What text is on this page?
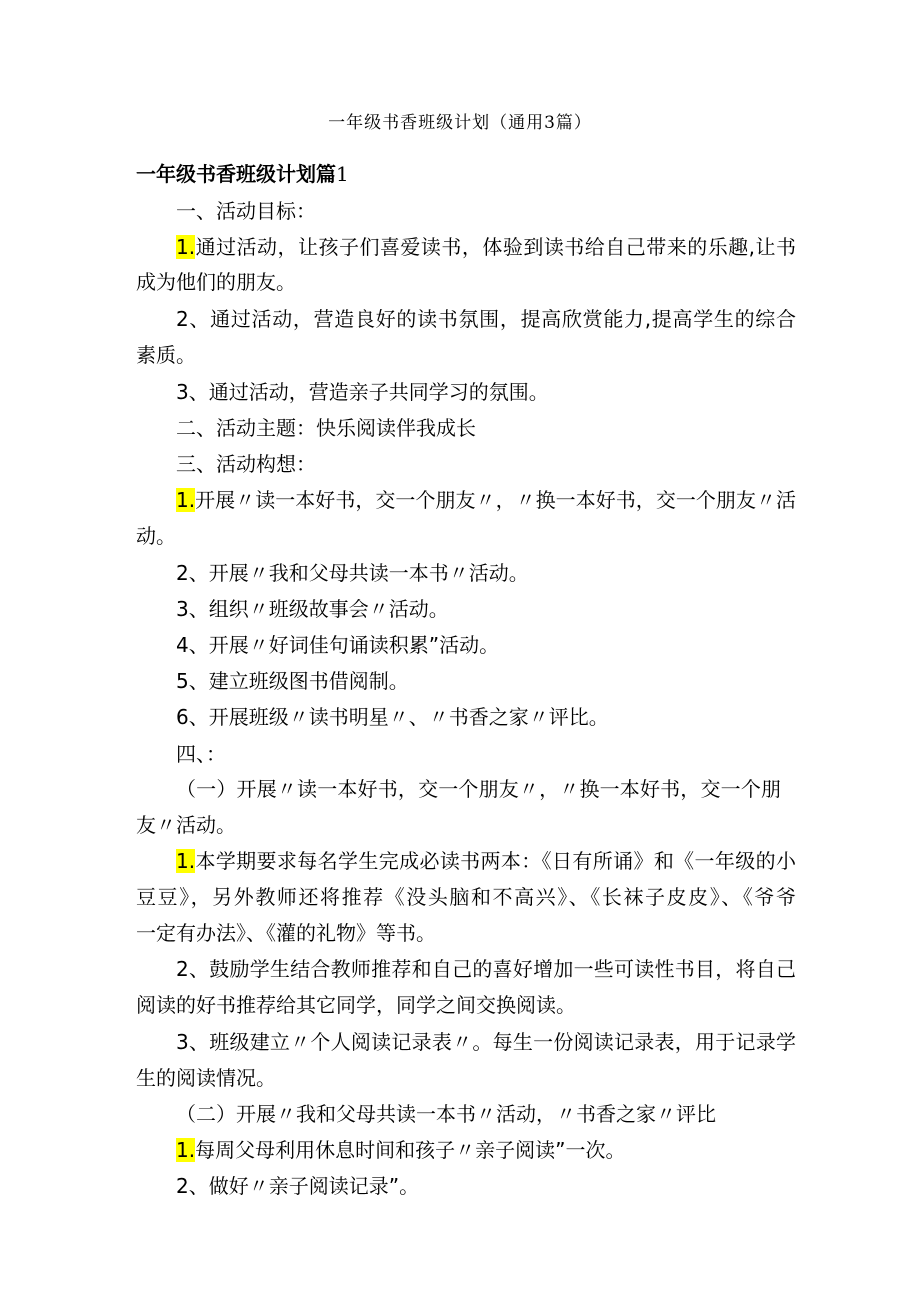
一年级书香班级计划（通用3篇）
一年级书香班级计划篇1
一、活动目标：
1.通过活动，让孩子们喜爱读书，体验到读书给自己带来的乐趣,让书
成为他们的朋友。
2、通过活动，营造良好的读书氛围，提高欣赏能力,提高学生的综合
素质。
3、通过活动，营造亲子共同学习的氛围。
二、活动主题：快乐阅读伴我成长
三、活动构想：
1.开展〃读一本好书，交一个朋友〃，〃换一本好书，交一个朋友〃活
动。
2、开展〃我和父母共读一本书〃活动。
3、组织〃班级故事会〃活动。
4、开展〃好词佳句诵读积累”活动。
5、建立班级图书借阅制。
6、开展班级〃读书明星〃、〃书香之家〃评比。
四、：
（一）开展〃读一本好书，交一个朋友〃，〃换一本好书，交一个朋
友〃活动。
1.本学期要求每名学生完成必读书两本：《日有所诵》和《一年级的小
豆豆》，另外教师还将推荐《没头脑和不高兴》、《长袜子皮皮》、《爷爷
一定有办法》、《灌的礼物》等书。
2、鼓励学生结合教师推荐和自己的喜好增加一些可读性书目，将自己
阅读的好书推荐给其它同学，同学之间交换阅读。
3、班级建立〃个人阅读记录表〃。每生一份阅读记录表，用于记录学
生的阅读情况。
（二）开展〃我和父母共读一本书〃活动，〃书香之家〃评比
1.每周父母利用休息时间和孩子〃亲子阅读”一次。
2、做好〃亲子阅读记录”。
